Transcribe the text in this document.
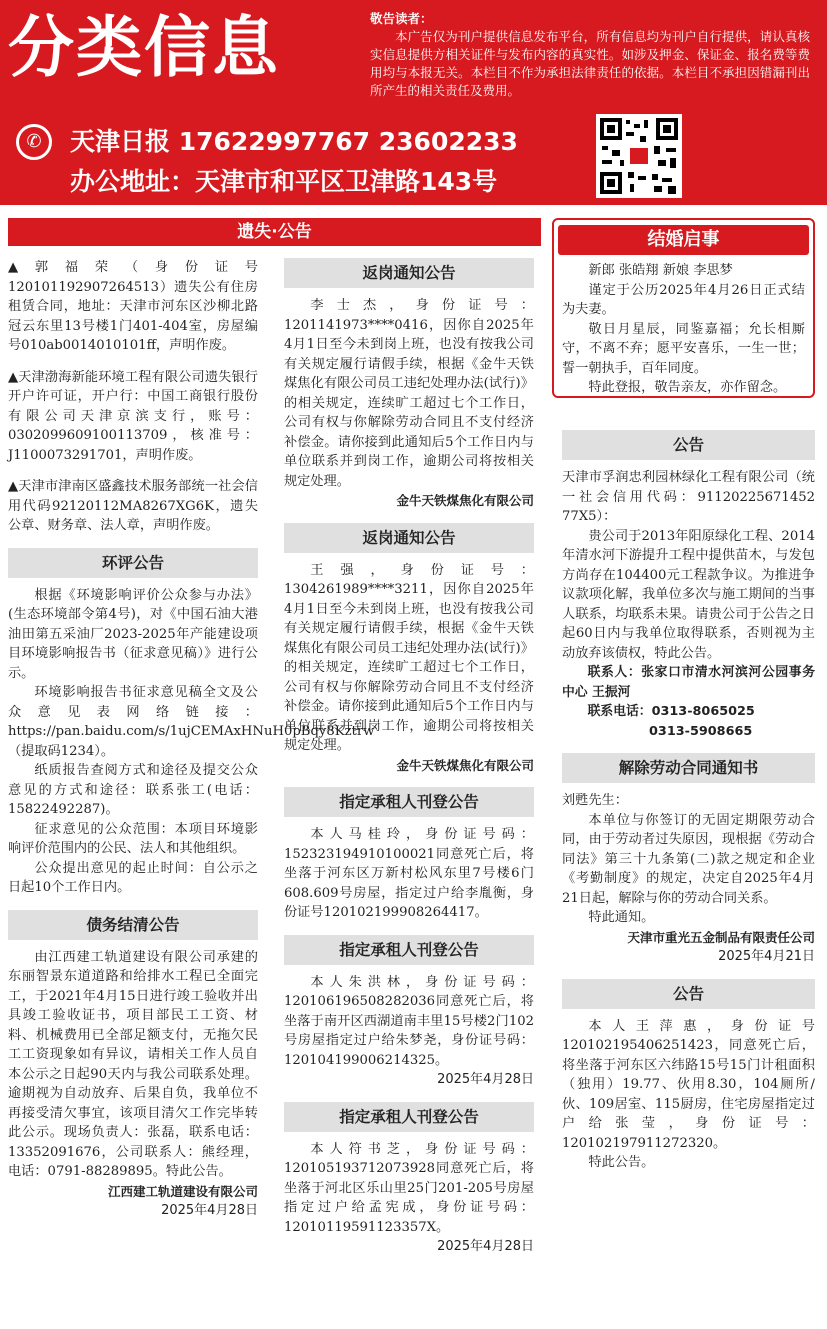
分类信息	敬告读者：
本广告仅为刊户提供信息发布平台，所有信息均为刊户自行提供，请认真核实信息提供方相关证件与发布内容的真实性。如涉及押金、保证金、报名费等费用均与本报无关。本栏目不作为承担法律责任的依据。本栏目不承担因错漏刊出所产生的相关责任及费用。
✆	天津日报 17622997767 23602233
办公地址：天津市和平区卫津路143号
遗失·公告

▲郭福荣（身份证号120101192907264513）遗失公有住房租赁合同，地址：天津市河东区沙柳北路冠云东里13号楼1门401-404室，房屋编号010ab0014010101ff，声明作废。

▲天津渤海新能环境工程有限公司遗失银行开户许可证，开户行：中国工商银行股份有限公司天津京滨支行，账号：0302099609100113709，核准号：J1100073291701，声明作废。

▲天津市津南区盛鑫技术服务部统一社会信用代码92120112MA8267XG6K，遗失公章、财务章、法人章，声明作废。

环评公告

根据《环境影响评价公众参与办法》(生态环境部令第4号)，对《中国石油大港油田第五采油厂2023-2025年产能建设项目环境影响报告书（征求意见稿）》进行公示。

环境影响报告书征求意见稿全文及公众意见表网络链接：https://pan.baidu.com/s/1ujCEMAxHNuH0pBqy8Kztrw（提取码1234）。

纸质报告查阅方式和途径及提交公众意见的方式和途径：联系张工(电话：15822492287)。

征求意见的公众范围：本项目环境影响评价范围内的公民、法人和其他组织。

公众提出意见的起止时间：自公示之日起10个工作日内。

债务结清公告

由江西建工轨道建设有限公司承建的东丽智景东道道路和给排水工程已全面完工，于2021年4月15日进行竣工验收并出具竣工验收证书，项目部民工工资、材料、机械费用已全部足额支付，无拖欠民工工资现象如有异议，请相关工作人员自本公示之日起90天内与我公司联系处理。逾期视为自动放弃、后果自负，我单位不再接受清欠事宜，该项目清欠工作完毕转此公示。现场负责人：张磊，联系电话：13352091676，公司联系人：熊经理，电话：0791-88289895。特此公告。

江西建工轨道建设有限公司

2025年4月28日

返岗通知公告

李士杰，身份证号：1201141973****0416，因你自2025年4月1日至今未到岗上班，也没有按我公司有关规定履行请假手续，根据《金牛天铁煤焦化有限公司员工违纪处理办法(试行)》的相关规定，连续旷工超过七个工作日，公司有权与你解除劳动合同且不支付经济补偿金。请你接到此通知后5个工作日内与单位联系并到岗工作，逾期公司将按相关规定处理。

金牛天铁煤焦化有限公司

返岗通知公告

王强，身份证号：1304261989****3211，因你自2025年4月1日至今未到岗上班，也没有按我公司有关规定履行请假手续，根据《金牛天铁煤焦化有限公司员工违纪处理办法(试行)》的相关规定，连续旷工超过七个工作日，公司有权与你解除劳动合同且不支付经济补偿金。请你接到此通知后5个工作日内与单位联系并到岗工作，逾期公司将按相关规定处理。

金牛天铁煤焦化有限公司

指定承租人刊登公告

本人马桂玲，身份证号码：152323194910100021同意死亡后，将坐落于河东区万新村松风东里7号楼6门608.609号房屋，指定过户给李胤衡，身份证号120102199908264417。

指定承租人刊登公告

本人朱洪林，身份证号码：120106196508282036同意死亡后，将坐落于南开区西湖道南丰里15号楼2门102号房屋指定过户给朱梦尧，身份证号码：120104199006214325。

2025年4月28日

指定承租人刊登公告

本人符书芝，身份证号码：120105193712073928同意死亡后，将坐落于河北区乐山里25门201-205号房屋指定过户给孟宪成，身份证号码：12010119591123357X。

2025年4月28日

结婚启事

新郎 张皓翔 新娘 李思梦

谨定于公历2025年4月26日正式结为夫妻。

敬日月星辰，同鉴嘉福；允长相厮守，不离不弃；愿平安喜乐，一生一世；誓一朝执手，百年同度。

特此登报，敬告亲友，亦作留念。

公告

天津市孚润忠利园林绿化工程有限公司（统一社会信用代码：91120225671452​77X5）：

贵公司于2013年阳原绿化工程、2014年清水河下游提升工程中提供苗木，与发包方尚存在104400元工程款争议。为推进争议款项化解，我单位多次与施工期间的当事人联系，均联系未果。请贵公司于公告之日起60日内与我单位取得联系，否则视为主动放弃该债权，特此公告。

联系人：张家口市清水河滨河公园事务中心 王振河

联系电话：0313-8065025

0313-5908665

解除劳动合同通知书

刘甦先生：

本单位与你签订的无固定期限劳动合同，由于劳动者过失原因，现根据《劳动合同法》第三十九条第(二)款之规定和企业《考勤制度》的规定，决定自2025年4月21日起，解除与你的劳动合同关系。

特此通知。

天津市重光五金制品有限责任公司

2025年4月21日

公告

本人王萍惠，身份证号120102195406251423，同意死亡后，将坐落于河东区六纬路15号15门计租面积（独用）19.77、伙用8.30，104厕所/伙、109居室、115厨房，住宅房屋指定过户给张莹，身份证号：120102197911272320。

特此公告。
